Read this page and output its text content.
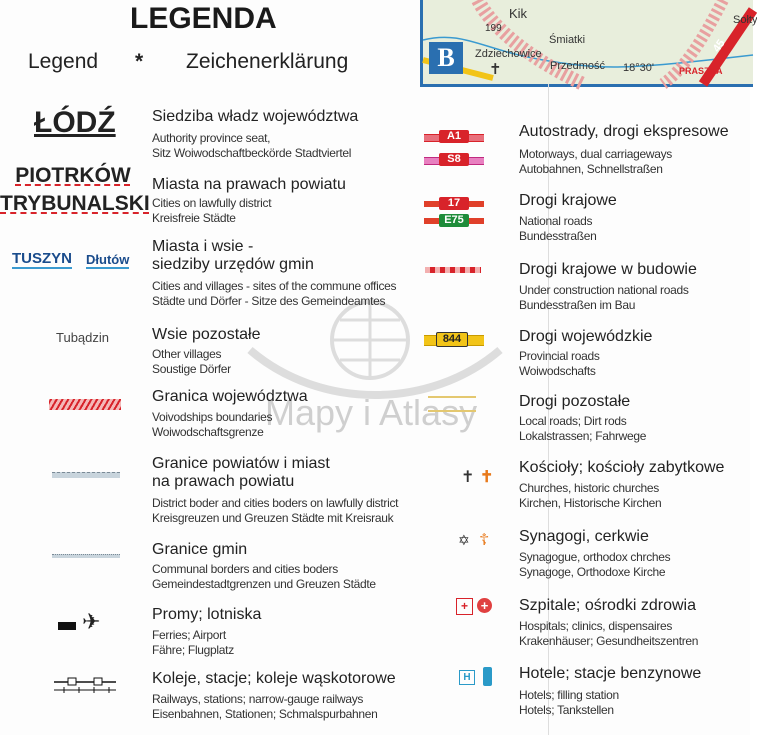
LEGENDA
Legend * Zeichenerklärung	B
Kik
199
Śmiatki
Zdziechowice
Przedmość 18°30'	PRASZKA
45
Sołty
✝
Mapy i Atlasy
ŁÓDŹ Siedziba władz województwa
Authority province seat,
Sitz Woiwodschaftbeckörde Stadtviertel
PIOTRKÓW
TRYBUNALSKI
Miasta na prawach powiatu
Cities on lawfully district
Kreisfreie Städte
TUSZYN Dłutów
Miasta i wsie -
siedziby urzędów gmin
Cities and villages - sites of the commune offices
Städte und Dörfer - Sitze des Gemeindeamtes
Tubądzin	Wsie pozostałe
Other villages
Soustige Dörfer
Granica województwa
Voivodships boundaries
Woiwodschaftsgrenze
Granice powiatów i miast
na prawach powiatu
District boder and cities boders on lawfully district
Kreisgreuzen und Greuzen Städte mit Kreisrauk
Granice gmin
Communal borders and cities boders
Gemeindestadtgrenzen und Greuzen Städte
✈	Promy; lotniska
Ferries; Airport
Fähre; Flugplatz
Koleje, stacje; koleje wąskotorowe
Railways, stations; narrow-gauge railways
Eisenbahnen, Stationen; Schmalspurbahnen
A1
S8
Autostrady, drogi ekspresowe
Motorways, dual carriageways
Autobahnen, Schnellstraßen
17
E75
Drogi krajowe
National roads
Bundesstraßen
Drogi krajowe w budowie
Under construction national roads
Bundesstraßen im Bau
844	Drogi wojewódzkie
Provincial roads
Woiwodschafts
Drogi pozostałe
Local roads; Dirt rods
Lokalstrassen; Fahrwege
✝ ✝
Kościoły; kościoły zabytkowe
Churches, historic churches
Kirchen, Historische Kirchen
✡ ☦ Synagogi, cerkwie
Synagogue, orthodox chrches
Synagoge, Orthodoxe Kirche
+ + Szpitale; ośrodki zdrowia
Hospitals; clinics, dispensaires
Krakenhäuser; Gesundheitszentren
H	Hotele; stacje benzynowe
Hotels; filling station
Hotels; Tankstellen
